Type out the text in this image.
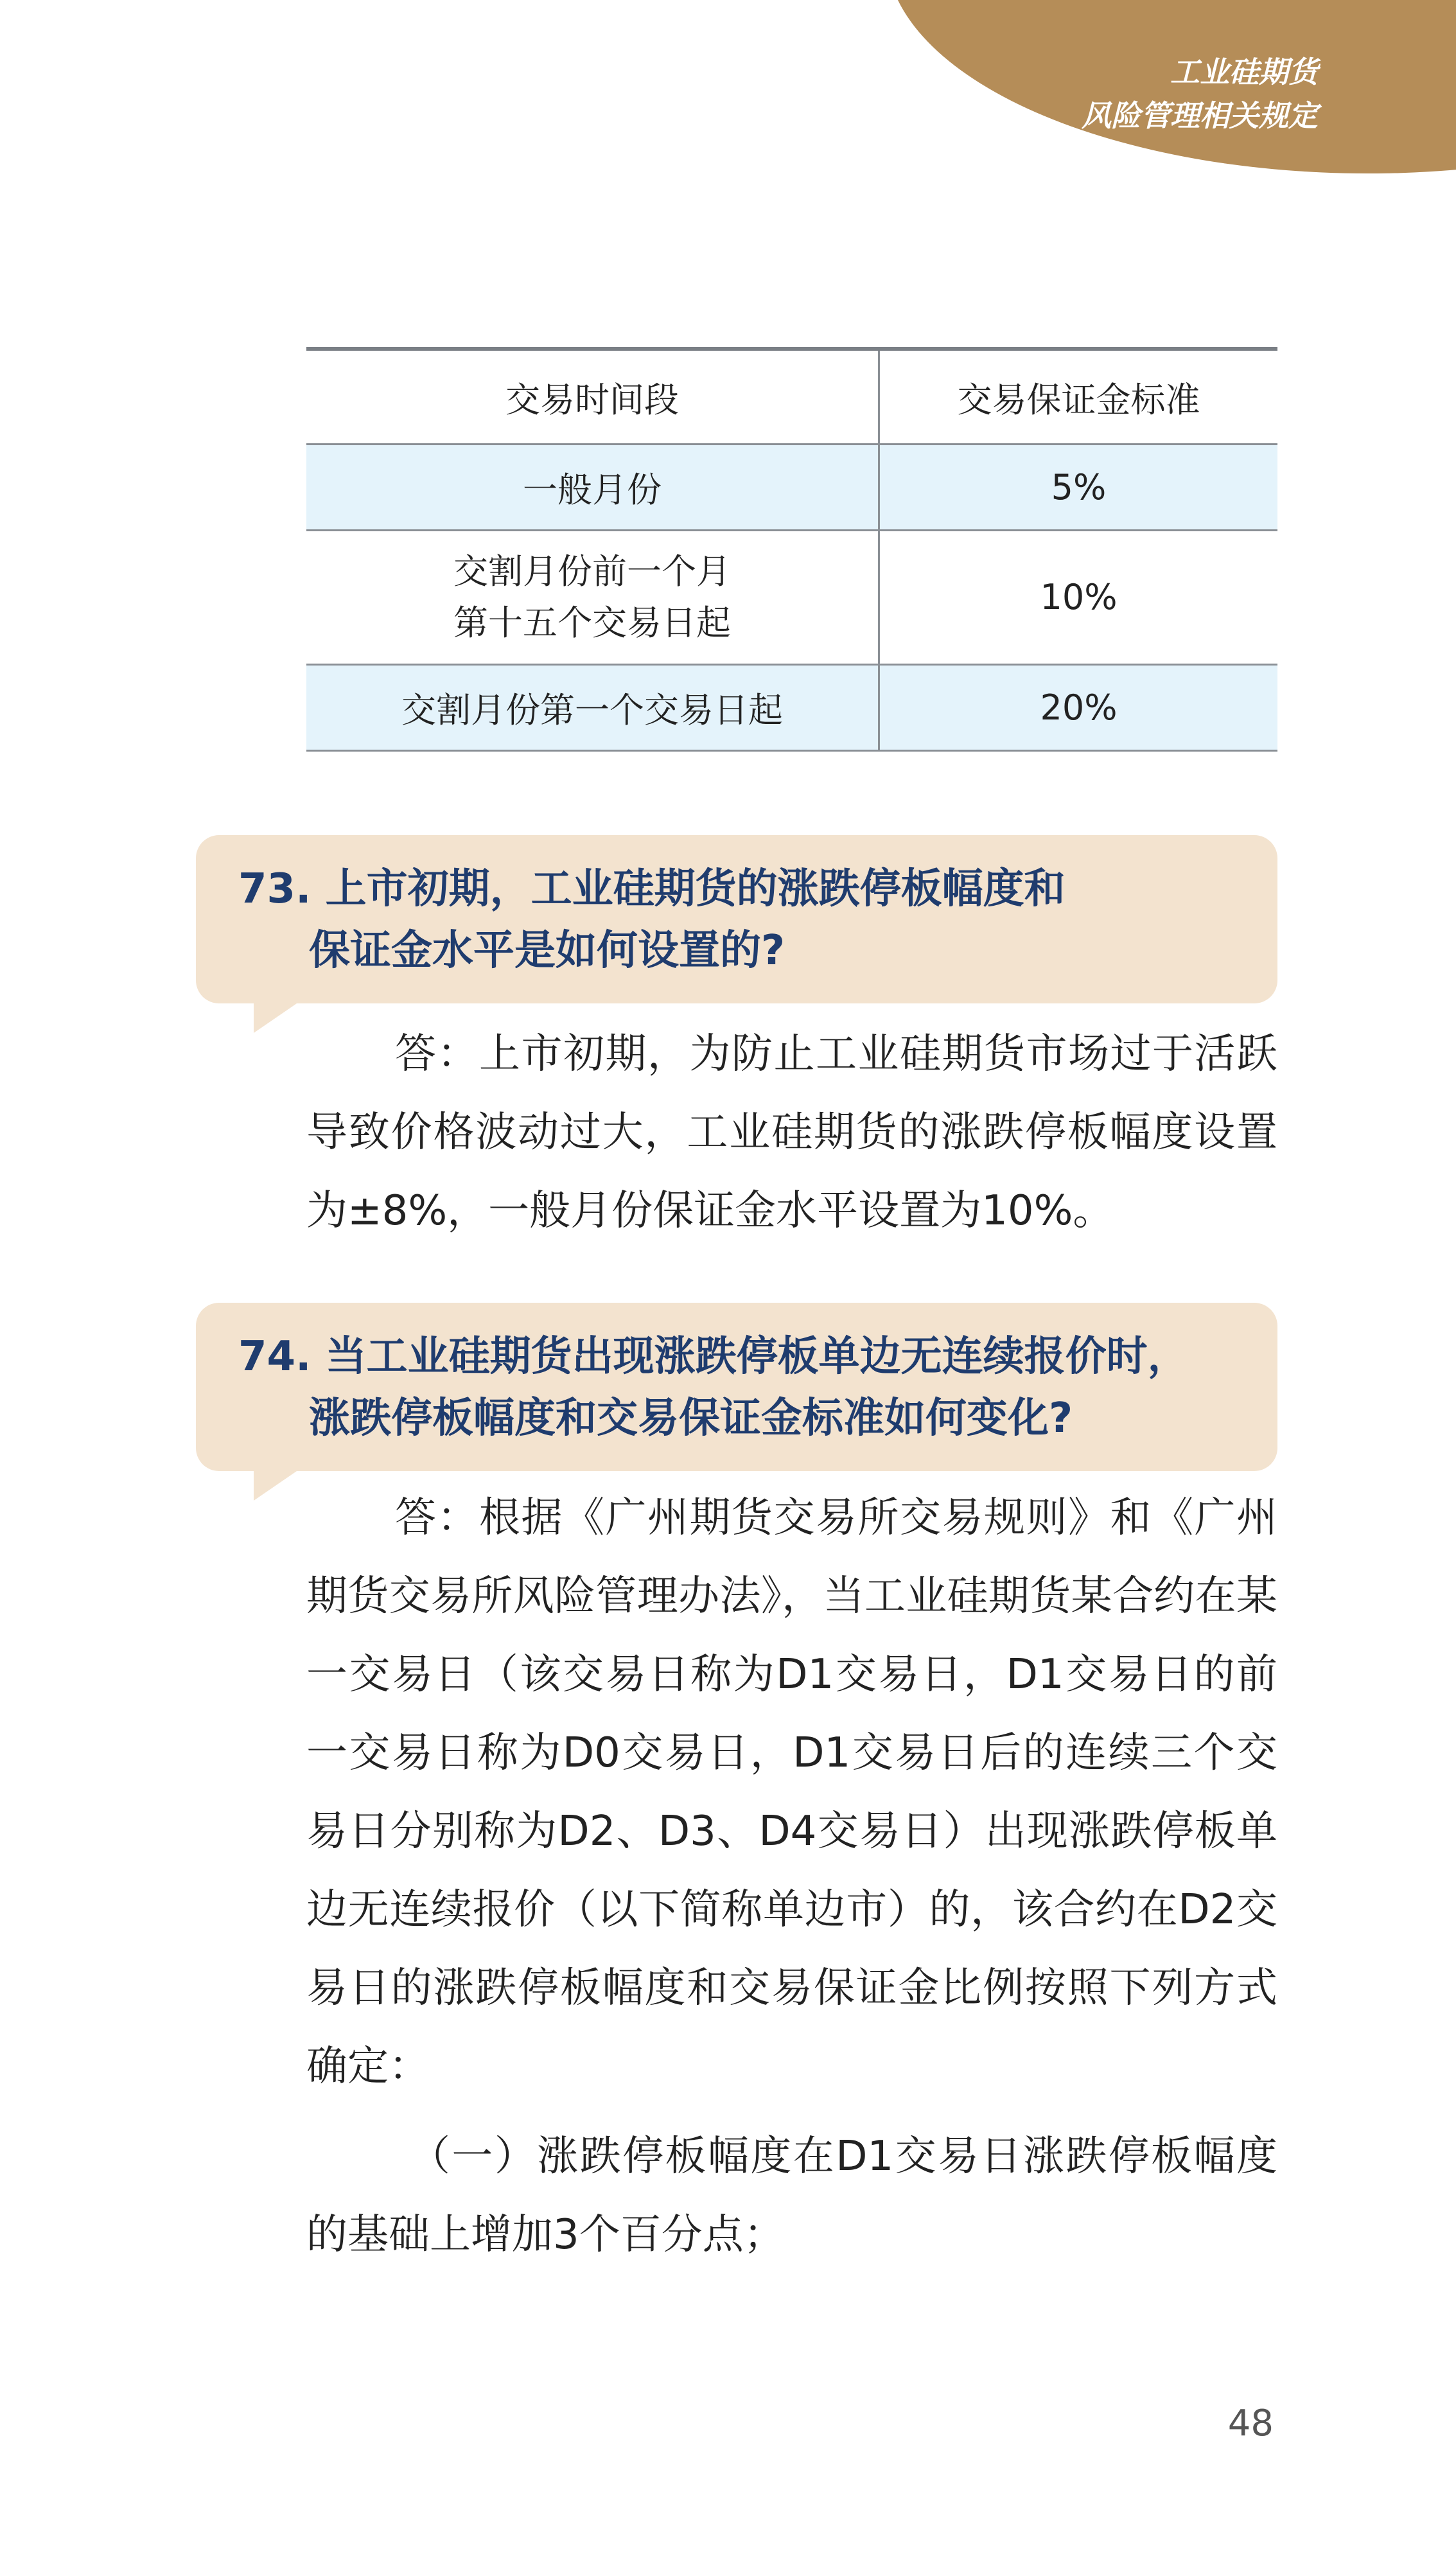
工业硅期货
风险管理相关规定
交易时间段	交易保证金标准

一般月份	5%

交割月份前一个月
第十五个交易日起	10%

交割月份第一个交易日起	20%
73. 上市初期，工业硅期货的涨跌停板幅度和
保证金水平是如何设置的?

答：上市初期，为防止工业硅期货市场过于活跃导致价格波动过大，工业硅期货的涨跌停板幅度设置为±8%，一般月份保证金水平设置为10%。

74. 当工业硅期货出现涨跌停板单边无连续报价时，
涨跌停板幅度和交易保证金标准如何变化?

答：根据《广州期货交易所交易规则》和《广州期货交易所风险管理办法》，当工业硅期货某合约在某一交易日（该交易日称为D1交易日，D1交易日的前一交易日称为D0交易日，D1交易日后的连续三个交易日分别称为D2、D3、D4交易日）出现涨跌停板单边无连续报价（以下简称单边市）的，该合约在D2交易日的涨跌停板幅度和交易保证金比例按照下列方式确定：

（一）涨跌停板幅度在D1交易日涨跌停板幅度的基础上增加3个百分点；

48
